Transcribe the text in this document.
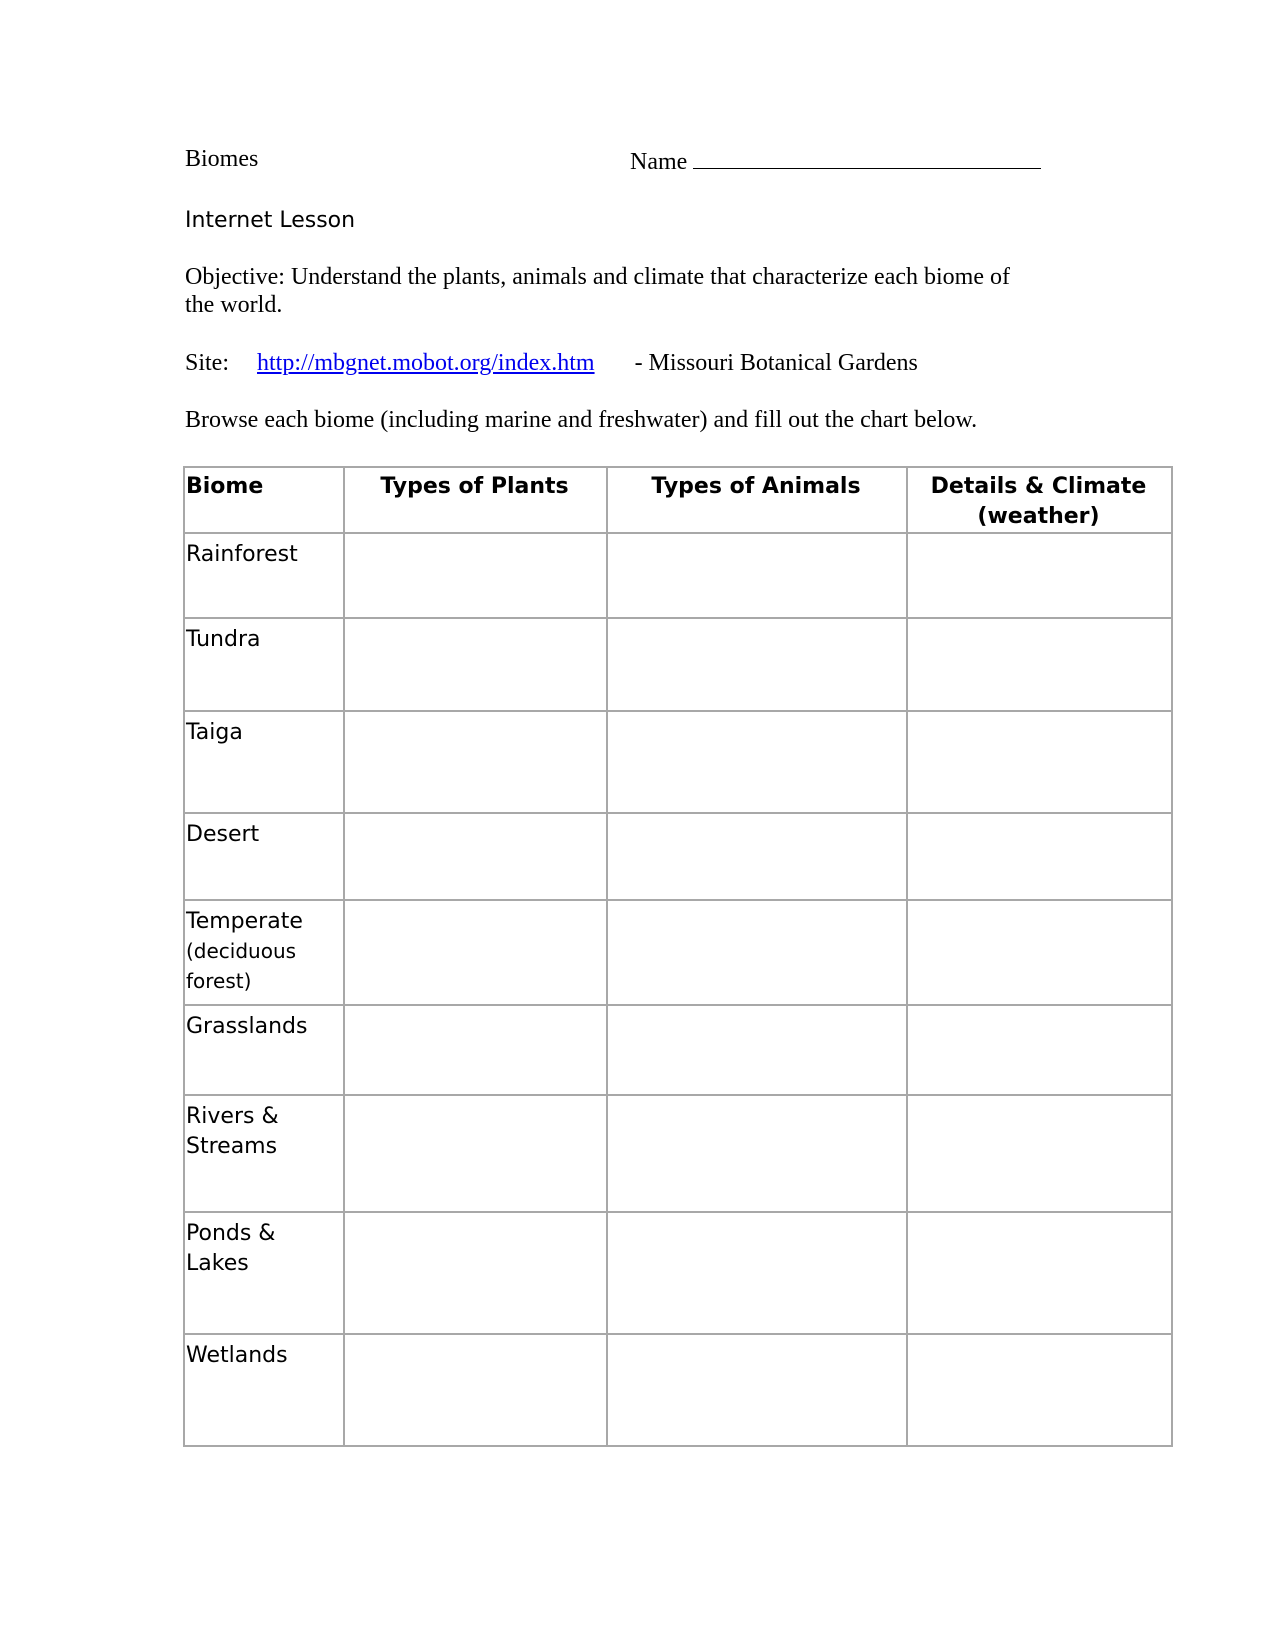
Biomes	Name
Internet Lesson
Objective: Understand the plants, animals and climate that characterize each biome of
the world.
Site: http://mbgnet.mobot.org/index.htm - Missouri Botanical Gardens
Browse each biome (including marine and freshwater) and fill out the chart below.
Biome	Types of Plants	Types of Animals	Details & Climate
(weather)
Rainforest			
Tundra			
Taiga			
Desert			
Temperate
(deciduous
forest)			
Grasslands			
Rivers &
Streams			
Ponds & Lakes			
Wetlands			
